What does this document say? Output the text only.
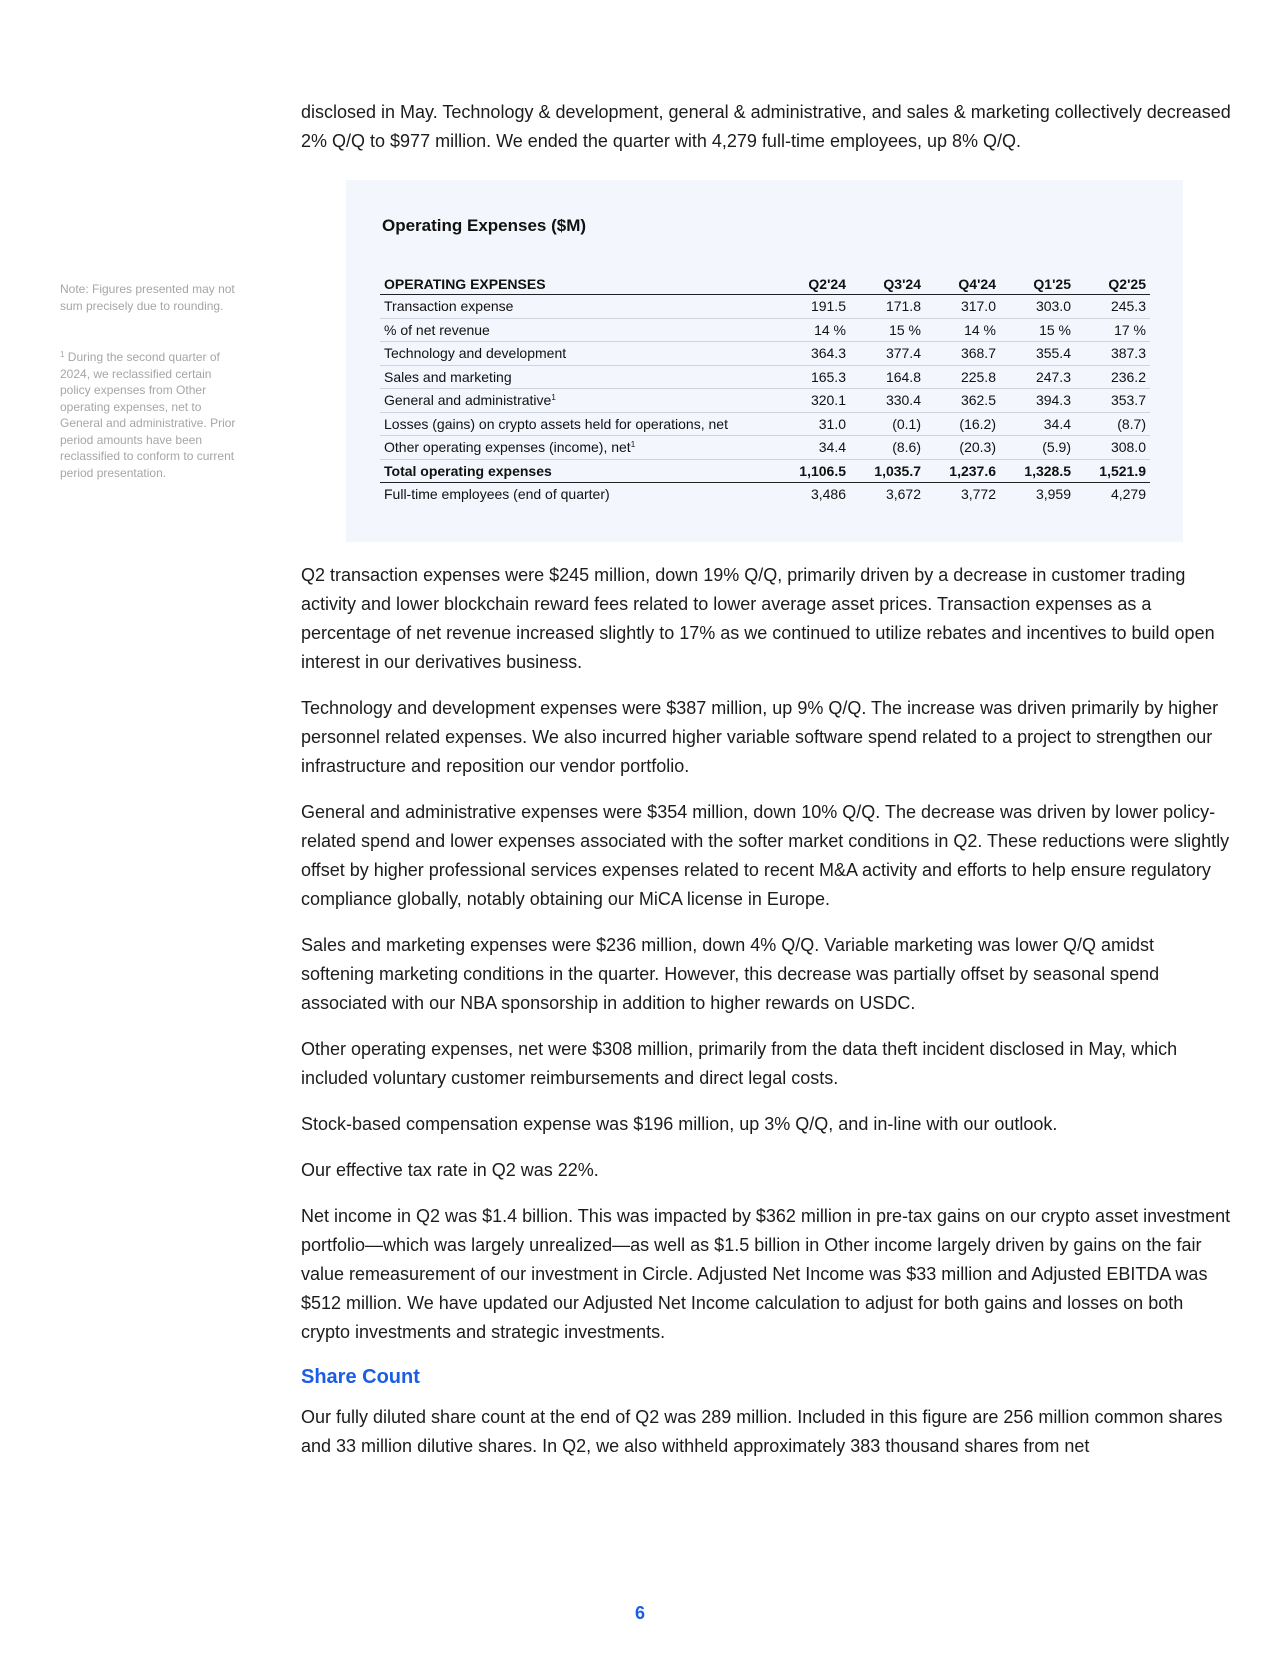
disclosed in May. Technology & development, general & administrative, and sales & marketing collectively decreased 2% Q/Q to $977 million. We ended the quarter with 4,279 full-time employees, up 8% Q/Q.

Note: Figures presented may not sum precisely due to rounding.
$^1$ During the second quarter of 2024, we reclassified certain policy expenses from Other operating expenses, net to General and administrative. Prior period amounts have been reclassified to conform to current period presentation.
Operating Expenses ($M)
OPERATING EXPENSES	Q2'24	Q3'24	Q4'24	Q1'25	Q2'25
Transaction expense	191.5	171.8	317.0	303.0	245.3
% of net revenue	14 %	15 %	14 %	15 %	17 %
Technology and development	364.3	377.4	368.7	355.4	387.3
Sales and marketing	165.3	164.8	225.8	247.3	236.2
General and administrative$^1$	320.1	330.4	362.5	394.3	353.7
Losses (gains) on crypto assets held for operations, net	31.0	(0.1)	(16.2)	34.4	(8.7)
Other operating expenses (income), net$^1$	34.4	(8.6)	(20.3)	(5.9)	308.0
Total operating expenses	1,106.5	1,035.7	1,237.6	1,328.5	1,521.9
Full-time employees (end of quarter)	3,486	3,672	3,772	3,959	4,279

Q2 transaction expenses were $245 million, down 19% Q/Q, primarily driven by a decrease in customer trading activity and lower blockchain reward fees related to lower average asset prices. Transaction expenses as a percentage of net revenue increased slightly to 17% as we continued to utilize rebates and incentives to build open interest in our derivatives business.

Technology and development expenses were $387 million, up 9% Q/Q. The increase was driven primarily by higher personnel related expenses. We also incurred higher variable software spend related to a project to strengthen our infrastructure and reposition our vendor portfolio.

General and administrative expenses were $354 million, down 10% Q/Q. The decrease was driven by lower policy-related spend and lower expenses associated with the softer market conditions in Q2. These reductions were slightly offset by higher professional services expenses related to recent M&A activity and efforts to help ensure regulatory compliance globally, notably obtaining our MiCA license in Europe.

Sales and marketing expenses were $236 million, down 4% Q/Q. Variable marketing was lower Q/Q amidst softening marketing conditions in the quarter. However, this decrease was partially offset by seasonal spend associated with our NBA sponsorship in addition to higher rewards on USDC.

Other operating expenses, net were $308 million, primarily from the data theft incident disclosed in May, which included voluntary customer reimbursements and direct legal costs.

Stock-based compensation expense was $196 million, up 3% Q/Q, and in-line with our outlook.

Our effective tax rate in Q2 was 22%.

Net income in Q2 was $1.4 billion. This was impacted by $362 million in pre-tax gains on our crypto asset investment portfolio—which was largely unrealized—as well as $1.5 billion in Other income largely driven by gains on the fair value remeasurement of our investment in Circle. Adjusted Net Income was $33 million and Adjusted EBITDA was $512 million. We have updated our Adjusted Net Income calculation to adjust for both gains and losses on both crypto investments and strategic investments.

Share Count

Our fully diluted share count at the end of Q2 was 289 million. Included in this figure are 256 million common shares and 33 million dilutive shares. In Q2, we also withheld approximately 383 thousand shares from net

6
